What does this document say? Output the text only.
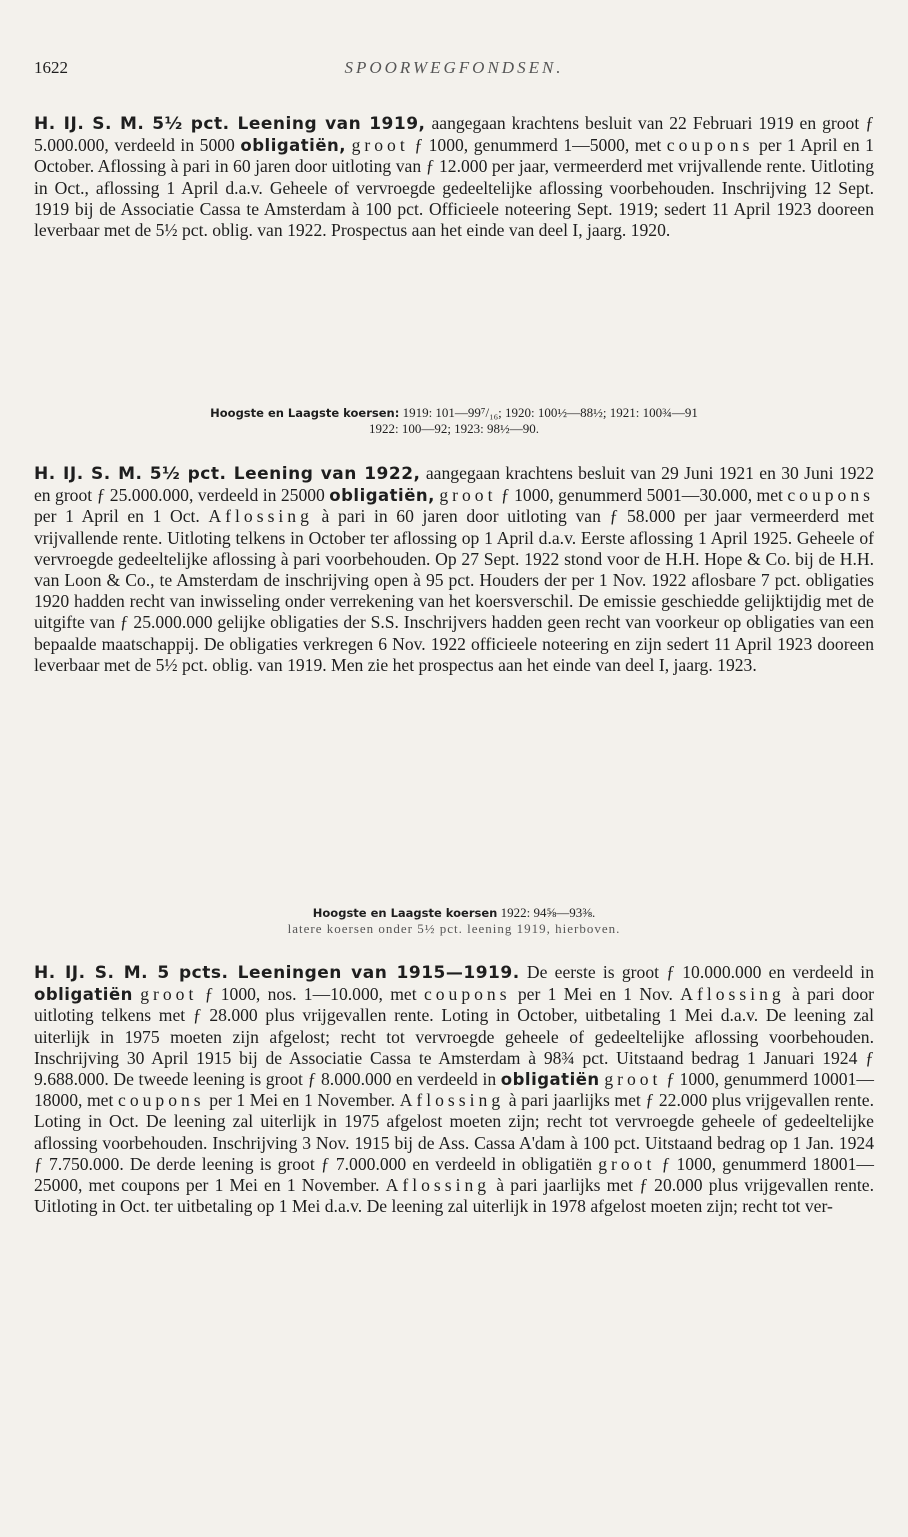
1622	SPOORWEGFONDSEN.

H. IJ. S. M. 5½ pct. Leening van 1919, aangegaan krachtens besluit van 22 Februari 1919 en groot ƒ 5.000.000, verdeeld in 5000 obligatiën, groot ƒ 1000, genummerd 1—5000, met coupons per 1 April en 1 October. Aflossing à pari in 60 jaren door uitloting van ƒ 12.000 per jaar, vermeerderd met vrijvallende rente. Uitloting in Oct., aflossing 1 April d.a.v. Geheele of vervroegde gedeeltelijke aflossing voorbehouden. Inschrijving 12 Sept. 1919 bij de Associatie Cassa te Amsterdam à 100 pct. Officieele noteering Sept. 1919; sedert 11 April 1923 dooreen leverbaar met de 5½ pct. oblig. van 1922. Prospectus aan het einde van deel I, jaarg. 1920.

Hoogste en Laagste koersen: 1919: 101—99⁷/₁₆; 1920: 100½—88½; 1921: 100¾—91
1922: 100—92; 1923: 98½—90.

H. IJ. S. M. 5½ pct. Leening van 1922, aangegaan krachtens besluit van 29 Juni 1921 en 30 Juni 1922 en groot ƒ 25.000.000, verdeeld in 25000 obligatiën, groot ƒ 1000, genummerd 5001—30.000, met coupons per 1 April en 1 Oct. Aflossing à pari in 60 jaren door uitloting van ƒ 58.000 per jaar vermeerderd met vrijvallende rente. Uitloting telkens in October ter aflossing op 1 April d.a.v. Eerste aflossing 1 April 1925. Geheele of vervroegde gedeeltelijke aflossing à pari voorbehouden. Op 27 Sept. 1922 stond voor de H.H. Hope & Co. bij de H.H. van Loon & Co., te Amsterdam de inschrijving open à 95 pct. Houders der per 1 Nov. 1922 aflosbare 7 pct. obligaties 1920 hadden recht van inwisseling onder verrekening van het koersverschil. De emissie geschiedde gelijktijdig met de uitgifte van ƒ 25.000.000 gelijke obligaties der S.S. Inschrijvers hadden geen recht van voorkeur op obligaties van een bepaalde maatschappij. De obligaties verkregen 6 Nov. 1922 officieele noteering en zijn sedert 11 April 1923 dooreen leverbaar met de 5½ pct. oblig. van 1919. Men zie het prospectus aan het einde van deel I, jaarg. 1923.

Hoogste en Laagste koersen 1922: 94⅝—93⅜.
latere koersen onder 5½ pct. leening 1919, hierboven.

H. IJ. S. M. 5 pcts. Leeningen van 1915—1919. De eerste is groot ƒ 10.000.000 en verdeeld in obligatiën groot ƒ 1000, nos. 1—10.000, met coupons per 1 Mei en 1 Nov. Aflossing à pari door uitloting telkens met ƒ 28.000 plus vrijgevallen rente. Loting in October, uitbetaling 1 Mei d.a.v. De leening zal uiterlijk in 1975 moeten zijn afgelost; recht tot vervroegde geheele of gedeeltelijke aflossing voorbehouden. Inschrijving 30 April 1915 bij de Associatie Cassa te Amsterdam à 98¾ pct. Uitstaand bedrag 1 Januari 1924 ƒ 9.688.000. De tweede leening is groot ƒ 8.000.000 en verdeeld in obligatiën groot ƒ 1000, genummerd 10001—18000, met coupons per 1 Mei en 1 November. Aflossing à pari jaarlijks met ƒ 22.000 plus vrijgevallen rente. Loting in Oct. De leening zal uiterlijk in 1975 afgelost moeten zijn; recht tot vervroegde geheele of gedeeltelijke aflossing voorbehouden. Inschrijving 3 Nov. 1915 bij de Ass. Cassa A'dam à 100 pct. Uitstaand bedrag op 1 Jan. 1924 ƒ 7.750.000. De derde leening is groot ƒ 7.000.000 en verdeeld in obligatiën groot ƒ 1000, genummerd 18001—25000, met coupons per 1 Mei en 1 November. Aflossing à pari jaarlijks met ƒ 20.000 plus vrijgevallen rente. Uitloting in Oct. ter uitbetaling op 1 Mei d.a.v. De leening zal uiterlijk in 1978 afgelost moeten zijn; recht tot ver-
